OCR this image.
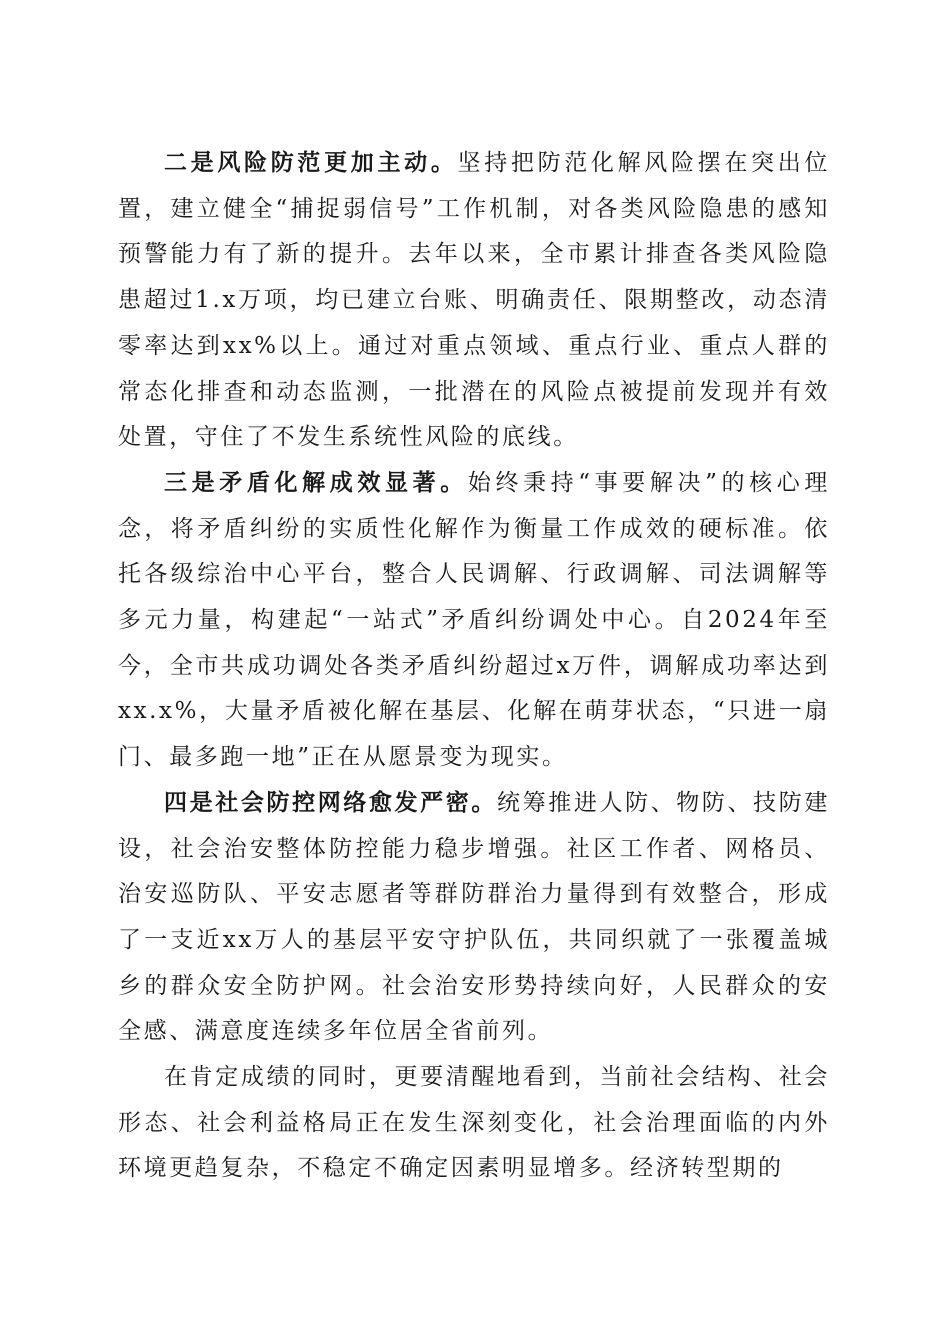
二是风险防范更加主动。坚持把防范化解风险摆在突出位置，建立健全“捕捉弱信号”工作机制，对各类风险隐患的感知预警能力有了新的提升。去年以来，全市累计排查各类风险隐患超过1.x万项，均已建立台账、明确责任、限期整改，动态清零率达到xx%以上。通过对重点领域、重点行业、重点人群的常态化排查和动态监测，一批潜在的风险点被提前发现并有效处置，守住了不发生系统性风险的底线。

三是矛盾化解成效显著。始终秉持“事要解决”的核心理念，将矛盾纠纷的实质性化解作为衡量工作成效的硬标准。依托各级综治中心平台，整合人民调解、行政调解、司法调解等多元力量，构建起“一站式”矛盾纠纷调处中心。自2024年至今，全市共成功调处各类矛盾纠纷超过x万件，调解成功率达到xx.x%，大量矛盾被化解在基层、化解在萌芽状态，“只进一扇门、最多跑一地”正在从愿景变为现实。

四是社会防控网络愈发严密。统筹推进人防、物防、技防建设，社会治安整体防控能力稳步增强。社区工作者、网格员、治安巡防队、平安志愿者等群防群治力量得到有效整合，形成了一支近xx万人的基层平安守护队伍，共同织就了一张覆盖城乡的群众安全防护网。社会治安形势持续向好，人民群众的安全感、满意度连续多年位居全省前列。

在肯定成绩的同时，更要清醒地看到，当前社会结构、社会形态、社会利益格局正在发生深刻变化，社会治理面临的内外环境更趋复杂，不稳定不确定因素明显增多。经济转型期的
